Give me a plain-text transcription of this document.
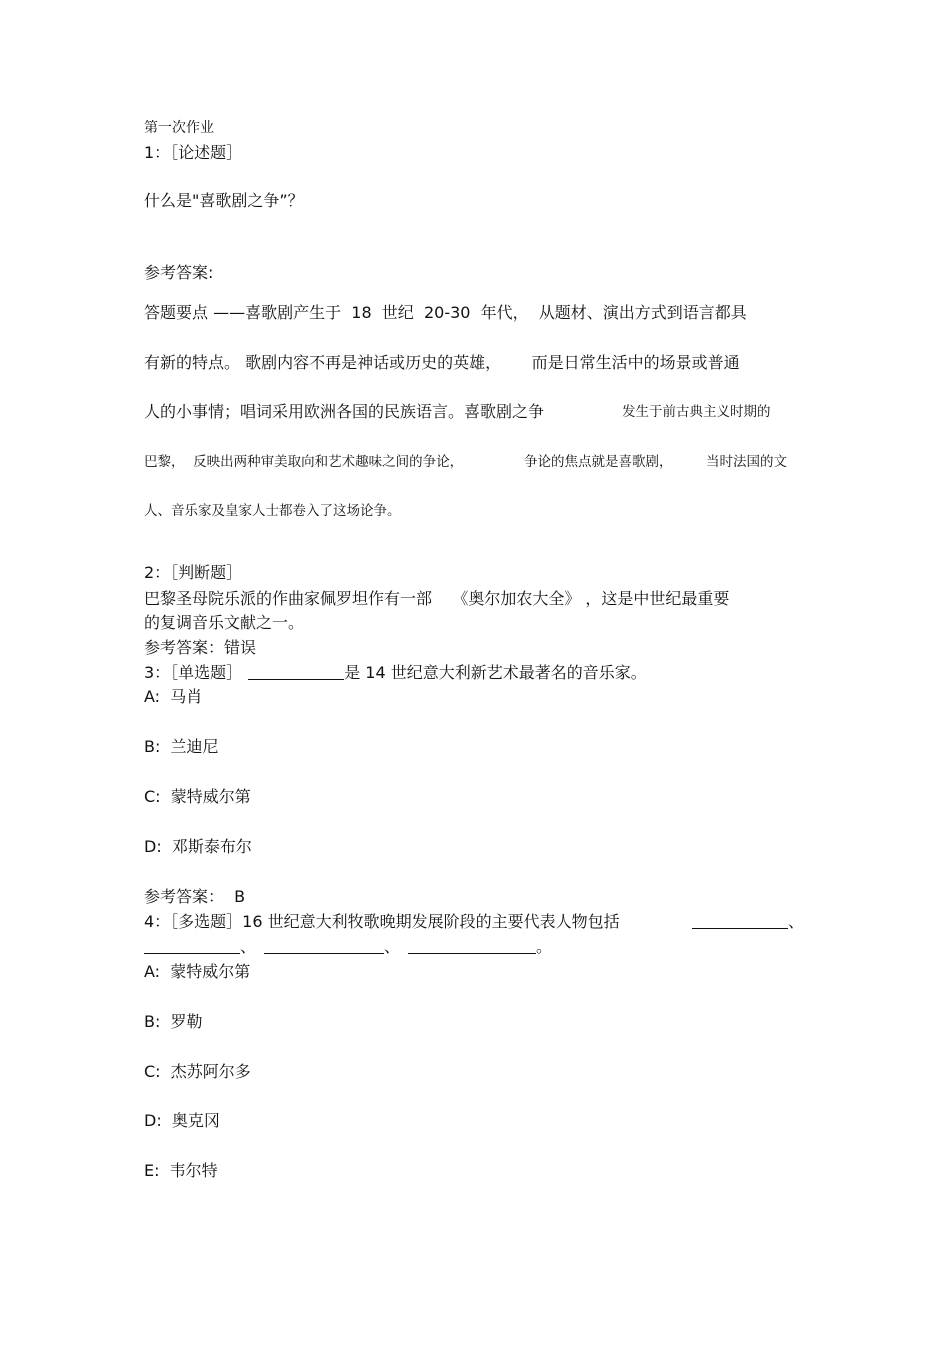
第一次作业
1：［论述题］
什么是"喜歌剧之争”？
参考答案:
答题要点 ——喜歌剧产生于  18  世纪  20-30  年代，  从题材、演出方式到语言都具
有新的特点。 歌剧内容不再是神话或历史的英雄，      而是日常生活中的场景或普通
人的小事情；唱词采用欧洲各国的民族语言。喜歌剧之争	发生于前古典主义时期的
巴黎，  反映出两种审美取向和艺术趣味之间的争论，	争论的焦点就是喜歌剧， 当时法国的文
人、音乐家及皇家人士都卷入了这场论争。
2：［判断题］
巴黎圣母院乐派的作曲家佩罗坦作有一部    《奥尔加农大全》 ，这是中世纪最重要
的复调音乐文献之一。
参考答案：错误
3：［单选题］	是 14 世纪意大利新艺术最著名的音乐家。
A:  马肖
B:  兰迪尼
C:  蒙特威尔第
D:  邓斯泰布尔
参考答案：  B
4：［多选题］16 世纪意大利牧歌晚期发展阶段的主要代表人物包括	、
、	、	。
A:  蒙特威尔第
B:  罗勒
C:  杰苏阿尔多
D:  奥克冈
E:  韦尔特
